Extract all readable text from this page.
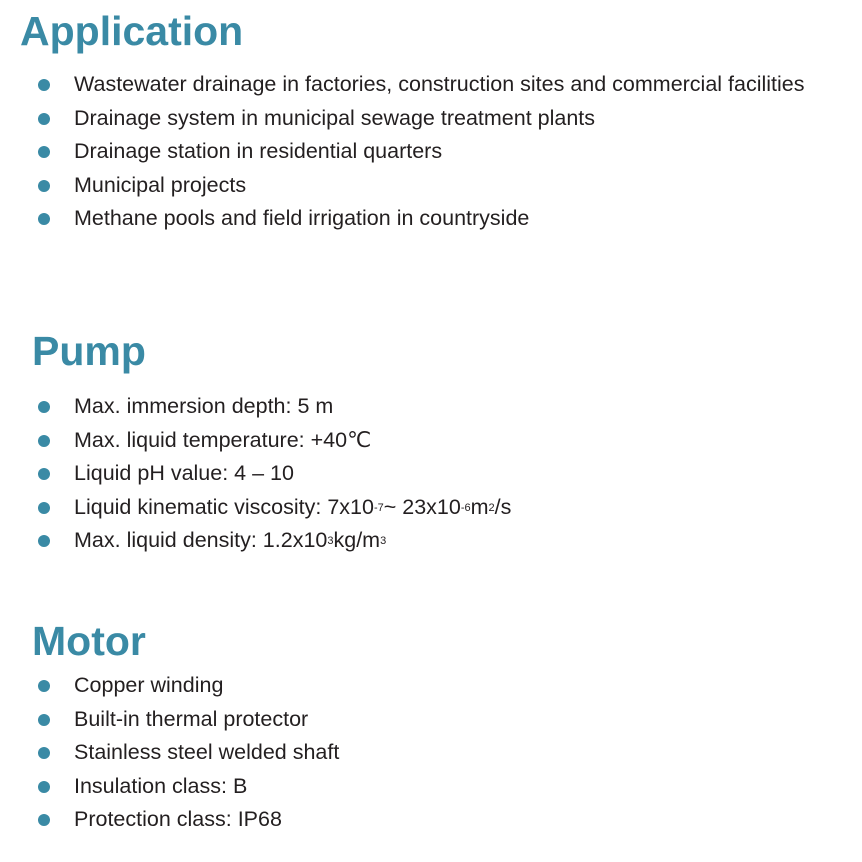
Application
Wastewater drainage in factories, construction sites and commercial facilities
Drainage system in municipal sewage treatment plants
Drainage station in residential quarters
Municipal projects
Methane pools and field irrigation in countryside
Pump
Max. immersion depth: 5 m
Max. liquid temperature: +40℃
Liquid pH value: 4 – 10
Liquid kinematic viscosity: $7x10^{-7}\sim$ $23x10^{-6}m^2/s$
Max. liquid density: $1.2x10^3kg/m^3$
Motor
Copper winding
Built-in thermal protector
Stainless steel welded shaft
Insulation class: B
Protection class: IP68
